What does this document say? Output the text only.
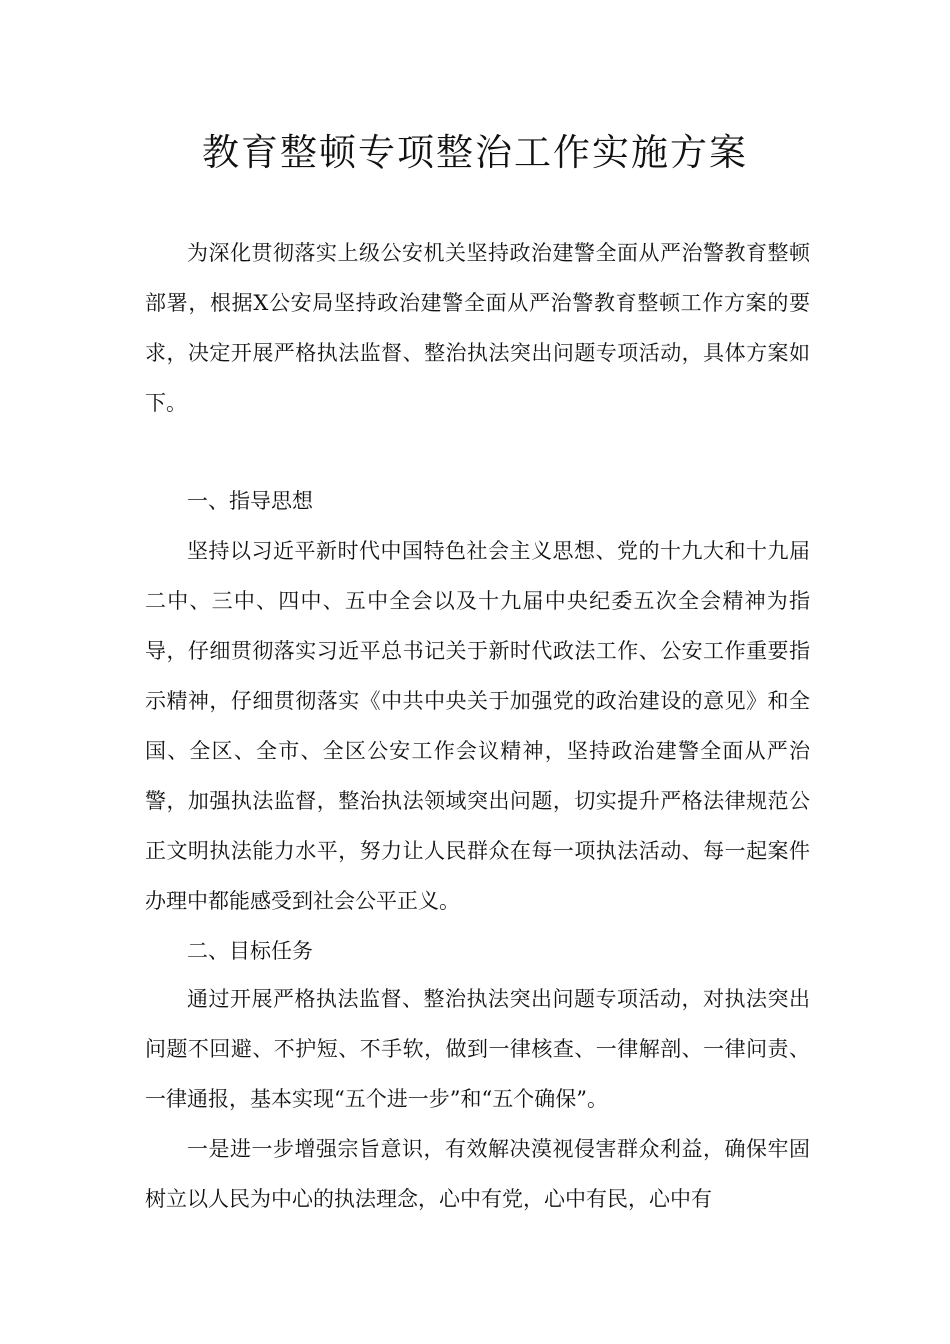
教育整顿专项整治工作实施方案

为深化贯彻落实上级公安机关坚持政治建警全面从严治警教育整顿部署，根据X公安局坚持政治建警全面从严治警教育整顿工作方案的要求，决定开展严格执法监督、整治执法突出问题专项活动，具体方案如下。

一、指导思想

坚持以习近平新时代中国特色社会主义思想、党的十九大和十九届二中、三中、四中、五中全会以及十九届中央纪委五次全会精神为指导，仔细贯彻落实习近平总书记关于新时代政法工作、公安工作重要指示精神，仔细贯彻落实《中共中央关于加强党的政治建设的意见》和全国、全区、全市、全区公安工作会议精神，坚持政治建警全面从严治警，加强执法监督，整治执法领域突出问题，切实提升严格法律规范公正文明执法能力水平，努力让人民群众在每一项执法活动、每一起案件办理中都能感受到社会公平正义。

二、目标任务

通过开展严格执法监督、整治执法突出问题专项活动，对执法突出问题不回避、不护短、不手软，做到一律核查、一律解剖、一律问责、一律通报，基本实现“五个进一步”和“五个确保”。

一是进一步增强宗旨意识，有效解决漠视侵害群众利益，确保牢固树立以人民为中心的执法理念，心中有党，心中有民，心中有
